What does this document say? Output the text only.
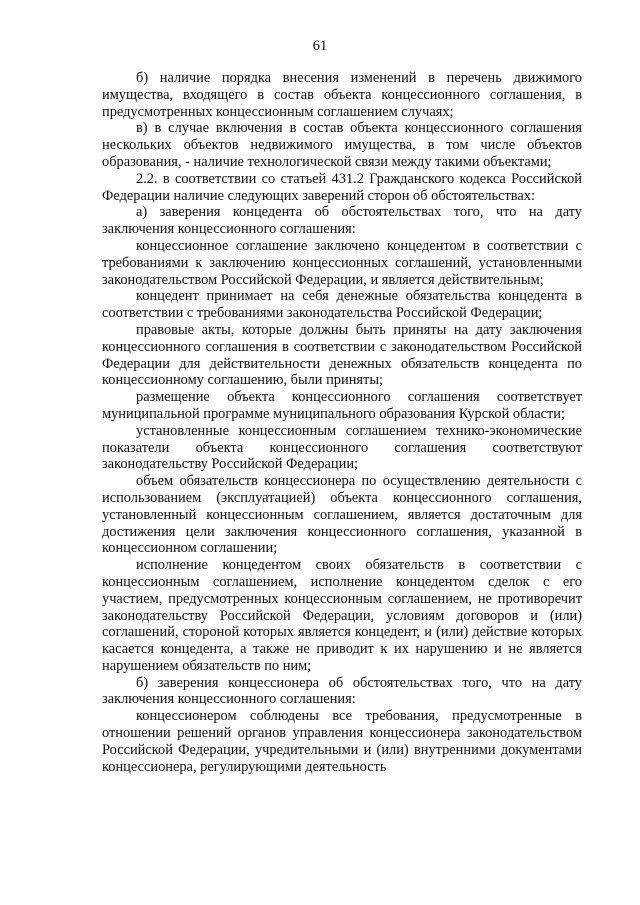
61

б) наличие порядка внесения изменений в перечень движимого имущества, входящего в состав объекта концессионного соглашения, в предусмотренных концессионным соглашением случаях;

в) в случае включения в состав объекта концессионного соглашения нескольких объектов недвижимого имущества, в том числе объектов образования, - наличие технологической связи между такими объектами;

2.2. в соответствии со статьей 431.2 Гражданского кодекса Российской Федерации наличие следующих заверений сторон об обстоятельствах:

а) заверения концедента об обстоятельствах того, что на дату заключения концессионного соглашения:

концессионное соглашение заключено концедентом в соответствии с требованиями к заключению концессионных соглашений, установленными законодательством Российской Федерации, и является действительным;

концедент принимает на себя денежные обязательства концедента в соответствии с требованиями законодательства Российской Федерации;

правовые акты, которые должны быть приняты на дату заключения концессионного соглашения в соответствии с законодательством Российской Федерации для действительности денежных обязательств концедента по концессионному соглашению, были приняты;

размещение объекта концессионного соглашения соответствует муниципальной программе муниципального образования Курской области;

установленные концессионным соглашением технико-экономические показатели объекта концессионного соглашения соответствуют законодательству Российской Федерации;

объем обязательств концессионера по осуществлению деятельности с использованием (эксплуатацией) объекта концессионного соглашения, установленный концессионным соглашением, является достаточным для достижения цели заключения концессионного соглашения, указанной в концессионном соглашении;

исполнение концедентом своих обязательств в соответствии с концессионным соглашением, исполнение концедентом сделок с его участием, предусмотренных концессионным соглашением, не противоречит законодательству Российской Федерации, условиям договоров и (или) соглашений, стороной которых является концедент, и (или) действие которых касается концедента, а также не приводит к их нарушению и не является нарушением обязательств по ним;

б) заверения концессионера об обстоятельствах того, что на дату заключения концессионного соглашения:

концессионером соблюдены все требования, предусмотренные в отношении решений органов управления концессионера законодательством Российской Федерации, учредительными и (или) внутренними документами концессионера, регулирующими деятельность
